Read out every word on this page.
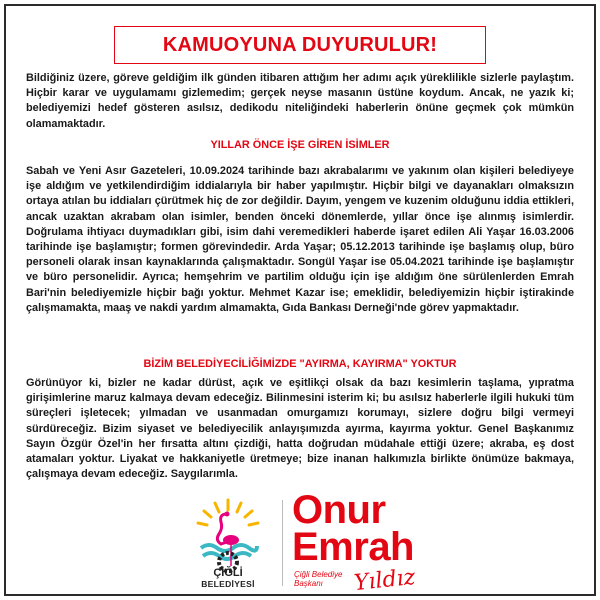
KAMUOYUNA DUYURULUR!

Bildiğiniz üzere, göreve geldiğim ilk günden itibaren attığım her adımı açık yüreklilikle sizlerle paylaştım. Hiçbir karar ve uygulamamı gizlemedim; gerçek neyse masanın üstüne koydum. Ancak, ne yazık ki; belediyemizi hedef gösteren asılsız, dedikodu niteliğindeki haberlerin önüne geçmek çok mümkün olamamaktadır.

YILLAR ÖNCE İŞE GİREN İSİMLER

Sabah ve Yeni Asır Gazeteleri, 10.09.2024 tarihinde bazı akrabalarımı ve yakınım olan kişileri belediyeye işe aldığım ve yetkilendirdiğim iddialarıyla bir haber yapılmıştır. Hiçbir bilgi ve dayanakları olmaksızın ortaya atılan bu iddiaları çürütmek hiç de zor değildir. Dayım, yengem ve kuzenim olduğunu iddia ettikleri, ancak uzaktan akrabam olan isimler, benden önceki dönemlerde, yıllar önce işe alınmış isimlerdir. Doğrulama ihtiyacı duymadıkları gibi, isim dahi veremedikleri haberde işaret edilen Ali Yaşar 16.03.2006 tarihinde işe başlamıştır; formen görevindedir. Arda Yaşar; 05.12.2013 tarihinde işe başlamış olup, büro personeli olarak insan kaynaklarında çalışmaktadır. Songül Yaşar ise 05.04.2021 tarihinde işe başlamıştır ve büro personelidir. Ayrıca; hemşehrim ve partilim olduğu için işe aldığım öne sürülenlerden Emrah Bari'nin belediyemizle hiçbir bağı yoktur. Mehmet Kazar ise; emeklidir, belediyemizin hiçbir iştirakinde çalışmamakta, maaş ve nakdi yardım almamakta, Gıda Bankası Derneği'nde görev yapmaktadır.

BİZİM BELEDİYECİLİĞİMİZDE "AYIRMA, KAYIRMA" YOKTUR

Görünüyor ki, bizler ne kadar dürüst, açık ve eşitlikçi olsak da bazı kesimlerin taşlama, yıpratma girişimlerine maruz kalmaya devam edeceğiz. Bilinmesini isterim ki; bu asılsız haberlerle ilgili hukuki tüm süreçleri işletecek; yılmadan ve usanmadan omurgamızı korumayı, sizlere doğru bilgi vermeyi sürdüreceğiz. Bizim siyaset ve belediyecilik anlayışımızda ayırma, kayırma yoktur. Genel Başkanımız Sayın Özgür Özel'in her fırsatta altını çizdiği, hatta doğrudan müdahale ettiği üzere; akraba, eş dost atamaları yoktur. Liyakat ve hakkaniyetle üretmeye; bize inanan halkımızla birlikte önümüze bakmaya, çalışmaya devam edeceğiz. Saygılarımla.

ÇİĞLİ
BELEDİYESİ
Onur
Emrah
Çiğli Belediye
Başkanı	Yıldız
